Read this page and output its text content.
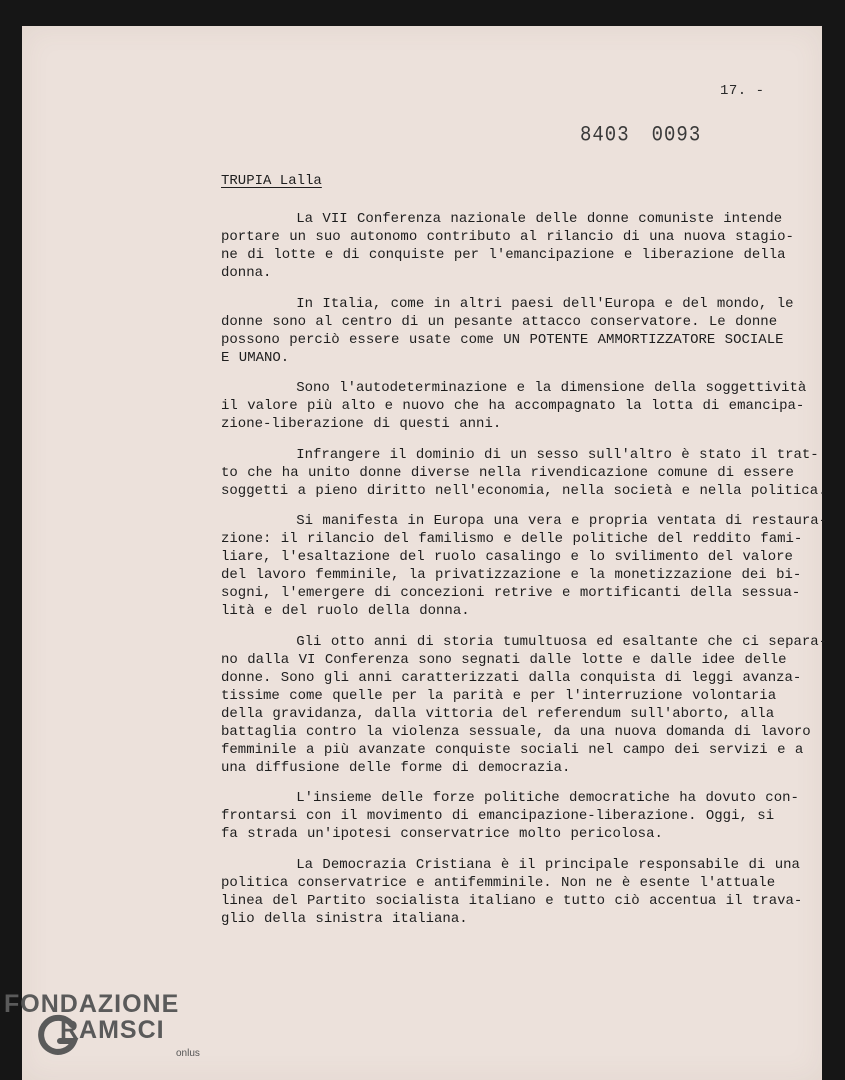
17. -
8403 0093
TRUPIA Lalla
La VII Conferenza nazionale delle donne comuniste intende
portare un suo autonomo contributo al rilancio di una nuova stagio-
ne di lotte e di conquiste per l'emancipazione e liberazione della
donna.
In Italia, come in altri paesi dell'Europa e del mondo, le
donne sono al centro di un pesante attacco conservatore. Le donne
possono perciò essere usate come UN POTENTE AMMORTIZZATORE SOCIALE
E UMANO.
Sono l'autodeterminazione e la dimensione della soggettività
il valore più alto e nuovo che ha accompagnato la lotta di emancipa-
zione-liberazione di questi anni.
Infrangere il dominio di un sesso sull'altro è stato il trat-
to che ha unito donne diverse nella rivendicazione comune di essere
soggetti a pieno diritto nell'economia, nella società e nella politica.
Si manifesta in Europa una vera e propria ventata di restaura-
zione: il rilancio del familismo e delle politiche del reddito fami-
liare, l'esaltazione del ruolo casalingo e lo svilimento del valore
del lavoro femminile, la privatizzazione e la monetizzazione dei bi-
sogni, l'emergere di concezioni retrive e mortificanti della sessua-
lità e del ruolo della donna.
Gli otto anni di storia tumultuosa ed esaltante che ci separa-
no dalla VI Conferenza sono segnati dalle lotte e dalle idee delle
donne. Sono gli anni caratterizzati dalla conquista di leggi avanza-
tissime come quelle per la parità e per l'interruzione volontaria
della gravidanza, dalla vittoria del referendum sull'aborto, alla
battaglia contro la violenza sessuale, da una nuova domanda di lavoro
femminile a più avanzate conquiste sociali nel campo dei servizi e a
una diffusione delle forme di democrazia.
L'insieme delle forze politiche democratiche ha dovuto con-
frontarsi con il movimento di emancipazione-liberazione. Oggi, si
fa strada un'ipotesi conservatrice molto pericolosa.
La Democrazia Cristiana è il principale responsabile di una
politica conservatrice e antifemminile. Non ne è esente l'attuale
linea del Partito socialista italiano e tutto ciò accentua il trava-
glio della sinistra italiana.
FONDAZIONE
RAMSCI
onlus
